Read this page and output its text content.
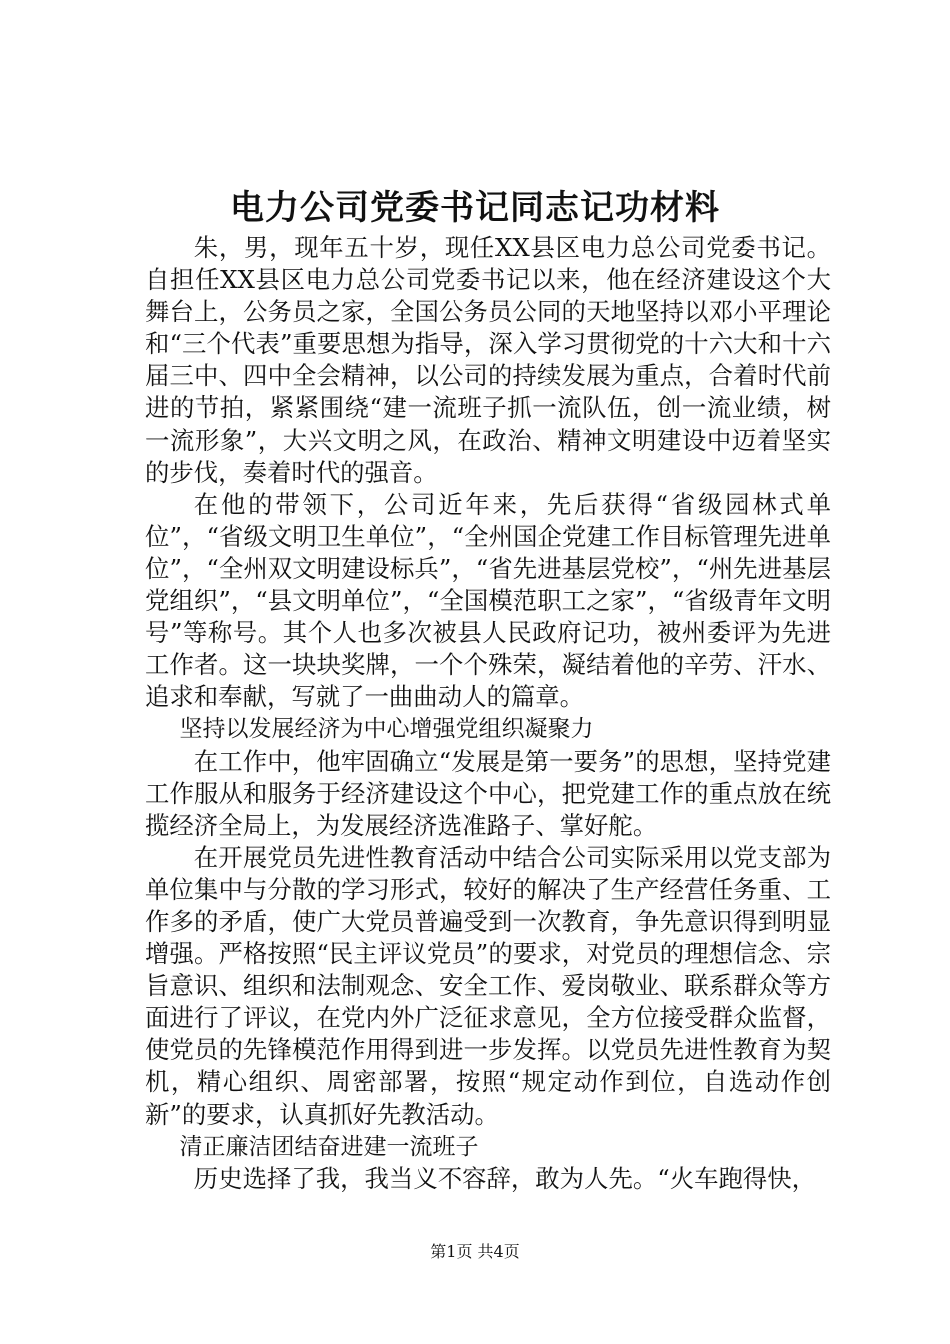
电力公司党委书记同志记功材料

朱，男，现年五十岁，现任XX县区电力总公司党委书记。自担任XX县区电力总公司党委书记以来，他在经济建设这个大舞台上，公务员之家，全国公务员公同的天地坚持以邓小平理论和“三个代表”重要思想为指导，深入学习贯彻党的十六大和十六届三中、四中全会精神，以公司的持续发展为重点，合着时代前进的节拍，紧紧围绕“建一流班子抓一流队伍，创一流业绩，树一流形象”，大兴文明之风，在政治、精神文明建设中迈着坚实的步伐，奏着时代的强音。

在他的带领下，公司近年来，先后获得“省级园林式单位”，“省级文明卫生单位”，“全州国企党建工作目标管理先进单位”，“全州双文明建设标兵”，“省先进基层党校”，“州先进基层党组织”，“县文明单位”，“全国模范职工之家”，“省级青年文明号”等称号。其个人也多次被县人民政府记功，被州委评为先进工作者。这一块块奖牌，一个个殊荣，凝结着他的辛劳、汗水、追求和奉献，写就了一曲曲动人的篇章。

坚持以发展经济为中心增强党组织凝聚力

在工作中，他牢固确立“发展是第一要务”的思想，坚持党建工作服从和服务于经济建设这个中心，把党建工作的重点放在统揽经济全局上，为发展经济选准路子、掌好舵。

在开展党员先进性教育活动中结合公司实际采用以党支部为单位集中与分散的学习形式，较好的解决了生产经营任务重、工作多的矛盾，使广大党员普遍受到一次教育，争先意识得到明显增强。严格按照“民主评议党员”的要求，对党员的理想信念、宗旨意识、组织和法制观念、安全工作、爱岗敬业、联系群众等方面进行了评议，在党内外广泛征求意见，全方位接受群众监督，使党员的先锋模范作用得到进一步发挥。以党员先进性教育为契机，精心组织、周密部署，按照“规定动作到位，自选动作创新”的要求，认真抓好先教活动。

清正廉洁团结奋进建一流班子

历史选择了我，我当义不容辞，敢为人先。“火车跑得快，

第1页 共4页
